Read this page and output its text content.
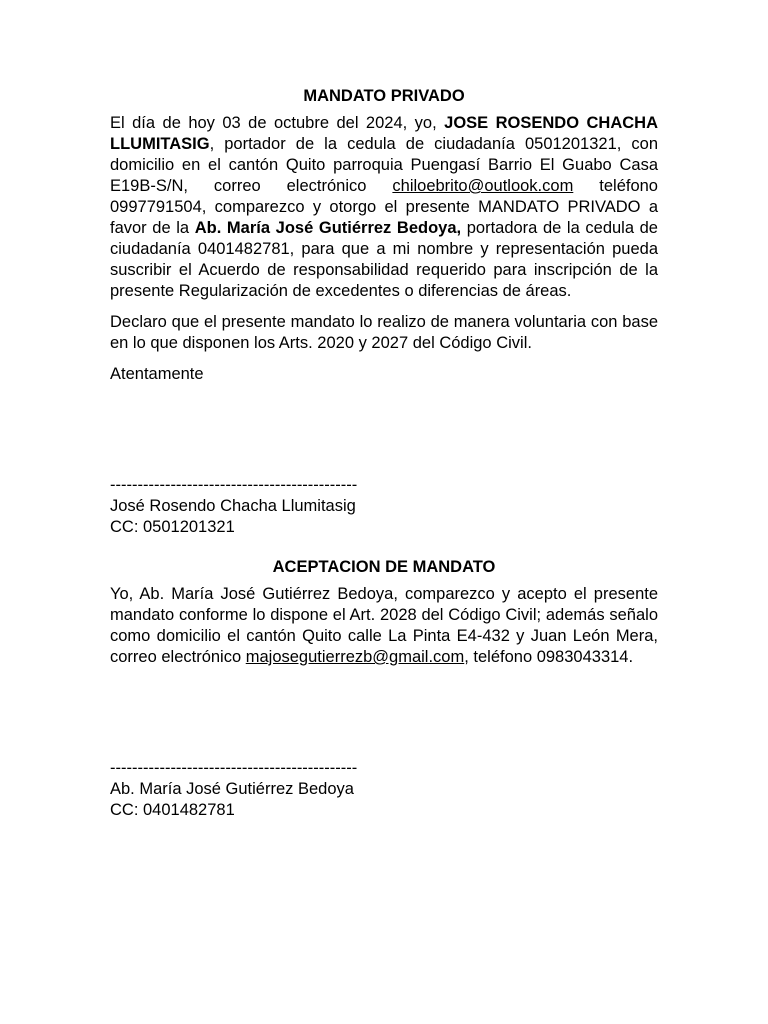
MANDATO PRIVADO

El día de hoy 03 de octubre del 2024, yo, JOSE ROSENDO CHACHA LLUMITASIG, portador de la cedula de ciudadanía 0501201321, con domicilio en el cantón Quito parroquia Puengasí Barrio El Guabo Casa E19B-S/N, correo electrónico chiloebrito@outlook.com teléfono 0997791504, comparezco y otorgo el presente MANDATO PRIVADO a favor de la Ab. María José Gutiérrez Bedoya, portadora de la cedula de ciudadanía 0401482781, para que a mi nombre y representación pueda suscribir el Acuerdo de responsabilidad requerido para inscripción de la presente Regularización de excedentes o diferencias de áreas.

Declaro que el presente mandato lo realizo de manera voluntaria con base en lo que disponen los Arts. 2020 y 2027 del Código Civil.

Atentamente
---------------------------------------------
José Rosendo Chacha Llumitasig
CC: 0501201321
ACEPTACION DE MANDATO

Yo, Ab. María José Gutiérrez Bedoya, comparezco y acepto el presente mandato conforme lo dispone el Art. 2028 del Código Civil; además señalo como domicilio el cantón Quito calle La Pinta E4-432 y Juan León Mera, correo electrónico majosegutierrezb@gmail.com, teléfono 0983043314.

---------------------------------------------
Ab. María José Gutiérrez Bedoya
CC: 0401482781
